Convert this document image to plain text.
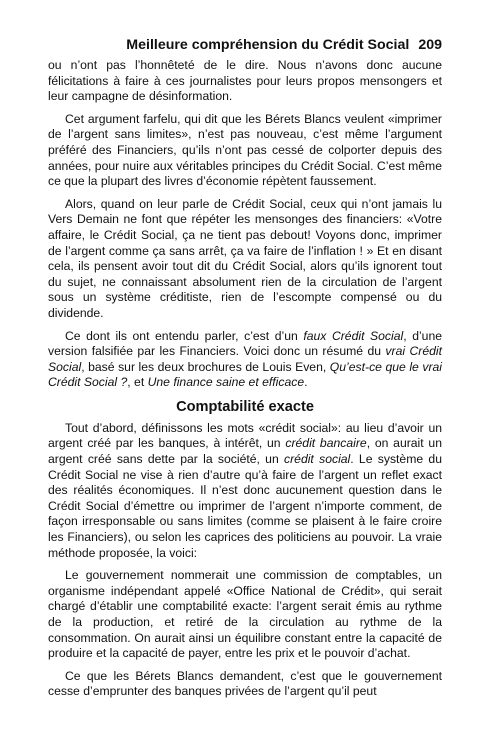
Meilleure compréhension du Crédit Social 209

ou n’ont pas l’honnêteté de le dire. Nous n’avons donc aucune félicitations à faire à ces journalistes pour leurs propos mensongers et leur campagne de désinformation.

Cet argument farfelu, qui dit que les Bérets Blancs veulent «imprimer de l’argent sans limites», n’est pas nouveau, c’est même l’argument préféré des Financiers, qu’ils n’ont pas cessé de colporter depuis des années, pour nuire aux véritables principes du Crédit Social. C’est même ce que la plupart des livres d’économie répètent faussement.

Alors, quand on leur parle de Crédit Social, ceux qui n’ont jamais lu Vers Demain ne font que répéter les mensonges des financiers: «Votre affaire, le Crédit Social, ça ne tient pas debout! Voyons donc, imprimer de l’argent comme ça sans arrêt, ça va faire de l’inflation ! » Et en disant cela, ils pensent avoir tout dit du Crédit Social, alors qu’ils ignorent tout du sujet, ne connaissant absolument rien de la circulation de l’argent sous un système créditiste, rien de l’escompte compensé ou du dividende.

Ce dont ils ont entendu parler, c’est d’un faux Crédit Social, d’une version falsifiée par les Financiers. Voici donc un résumé du vrai Crédit Social, basé sur les deux brochures de Louis Even, Qu’est-ce que le vrai Crédit Social ?, et Une finance saine et efficace.

Comptabilité exacte

Tout d’abord, définissons les mots «crédit social»: au lieu d’avoir un argent créé par les banques, à intérêt, un crédit bancaire, on aurait un argent créé sans dette par la société, un crédit social. Le système du Crédit Social ne vise à rien d’autre qu’à faire de l’argent un reflet exact des réalités économiques. Il n’est donc aucunement question dans le Crédit Social d’émettre ou imprimer de l’argent n’importe comment, de façon irresponsable ou sans limites (comme se plaisent à le faire croire les Financiers), ou selon les caprices des politiciens au pouvoir. La vraie méthode proposée, la voici:

Le gouvernement nommerait une commission de comptables, un organisme indépendant appelé «Office National de Crédit», qui serait chargé d’établir une comptabilité exacte: l’argent serait émis au rythme de la production, et retiré de la circulation au rythme de la consommation. On aurait ainsi un équilibre constant entre la capacité de produire et la capacité de payer, entre les prix et le pouvoir d’achat.

Ce que les Bérets Blancs demandent, c’est que le gouvernement cesse d’emprunter des banques privées de l’argent qu’il peut
